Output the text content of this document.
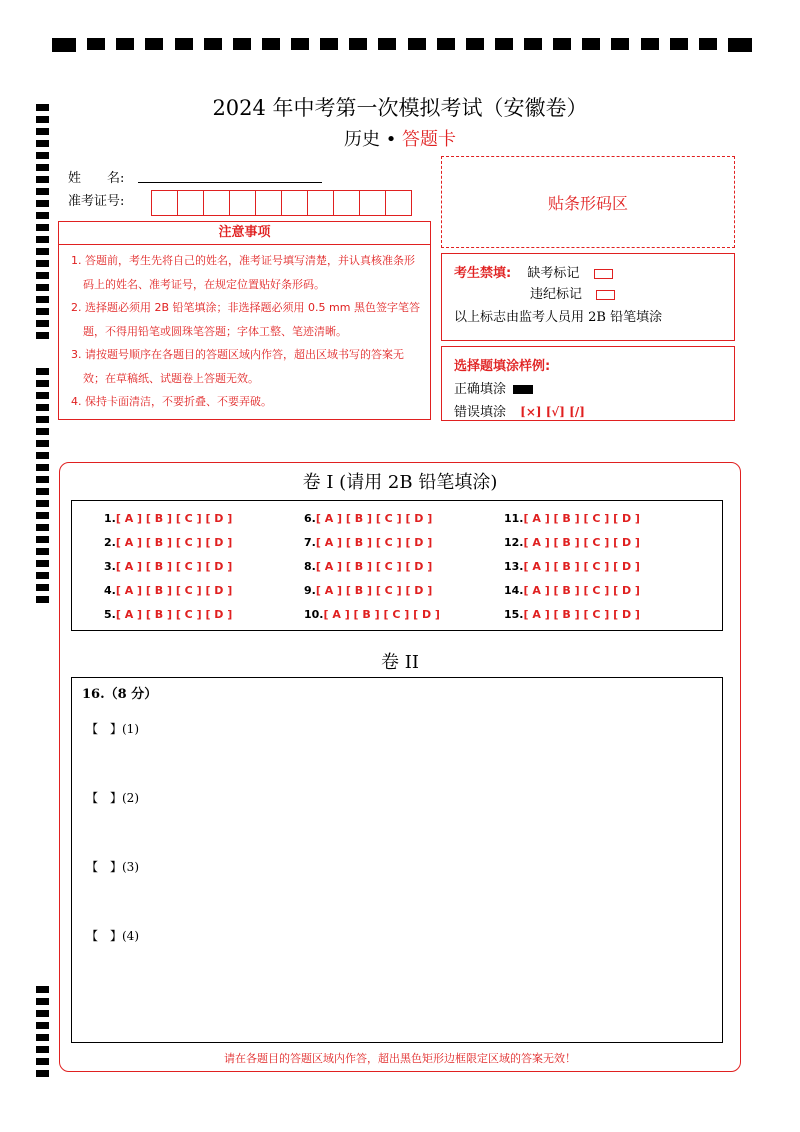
2024 年中考第一次模拟考试（安徽卷）
历史 • 答题卡
姓　　名:
准考证号:
注意事项
1. 答题前，考生先将自己的姓名，准考证号填写清楚，并认真核准条形码上的姓名、准考证号，在规定位置贴好条形码。
2. 选择题必须用 2B 铅笔填涂；非选择题必须用 0.5 mm 黑色签字笔答题，不得用铅笔或圆珠笔答题；字体工整、笔迹清晰。
3. 请按题号顺序在各题目的答题区域内作答，超出区域书写的答案无效；在草稿纸、试题卷上答题无效。
4. 保持卡面清洁，不要折叠、不要弄破。
贴条形码区
考生禁填: 缺考标记
违纪标记
以上标志由监考人员用 2B 铅笔填涂
选择题填涂样例:
正确填涂
错误填涂 [×] [√] [/]
卷 I (请用 2B 铅笔填涂)
1.[ A ] [ B ] [ C ] [ D ]
2.[ A ] [ B ] [ C ] [ D ]
3.[ A ] [ B ] [ C ] [ D ]
4.[ A ] [ B ] [ C ] [ D ]
5.[ A ] [ B ] [ C ] [ D ]
6.[ A ] [ B ] [ C ] [ D ]
7.[ A ] [ B ] [ C ] [ D ]
8.[ A ] [ B ] [ C ] [ D ]
9.[ A ] [ B ] [ C ] [ D ]
10.[ A ] [ B ] [ C ] [ D ]
11.[ A ] [ B ] [ C ] [ D ]
12.[ A ] [ B ] [ C ] [ D ]
13.[ A ] [ B ] [ C ] [ D ]
14.[ A ] [ B ] [ C ] [ D ]
15.[ A ] [ B ] [ C ] [ D ]
卷 II
16.（8 分）
【　】(1)
【　】(2)
【　】(3)
【　】(4)
请在各题目的答题区域内作答，超出黑色矩形边框限定区域的答案无效！
